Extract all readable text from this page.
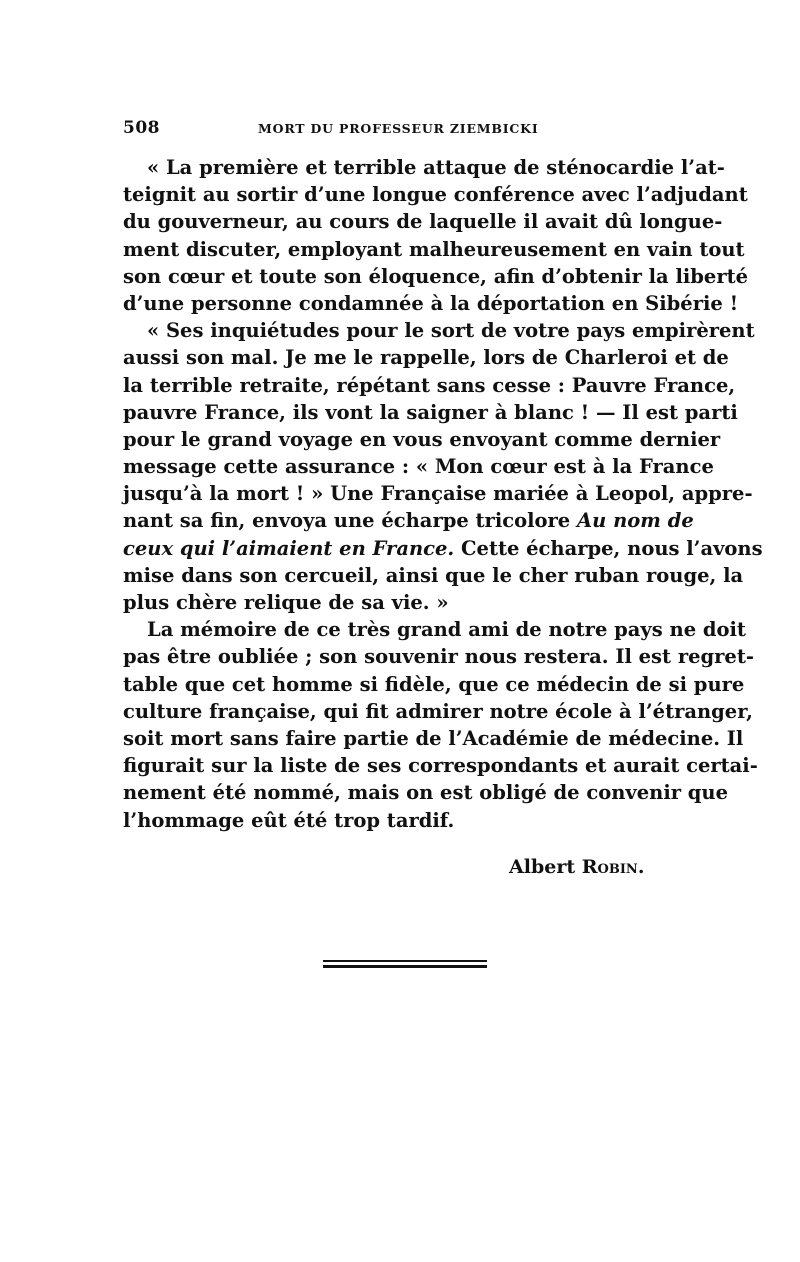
508	MORT DU PROFESSEUR ZIEMBICKI
« La première et terrible attaque de sténocardie l’at-
teignit au sortir d’une longue conférence avec l’adjudant
du gouverneur, au cours de laquelle il avait dû longue-
ment discuter, employant malheureusement en vain tout
son cœur et toute son éloquence, afin d’obtenir la liberté
d’une personne condamnée à la déportation en Sibérie !
« Ses inquiétudes pour le sort de votre pays empirèrent
aussi son mal. Je me le rappelle, lors de Charleroi et de
la terrible retraite, répétant sans cesse : Pauvre France,
pauvre France, ils vont la saigner à blanc ! — Il est parti
pour le grand voyage en vous envoyant comme dernier
message cette assurance : « Mon cœur est à la France
jusqu’à la mort ! » Une Française mariée à Leopol, appre-
nant sa fin, envoya une écharpe tricolore Au nom de
ceux qui l’aimaient en France. Cette écharpe, nous l’avons
mise dans son cercueil, ainsi que le cher ruban rouge, la
plus chère relique de sa vie. »
La mémoire de ce très grand ami de notre pays ne doit
pas être oubliée ; son souvenir nous restera. Il est regret-
table que cet homme si fidèle, que ce médecin de si pure
culture française, qui fit admirer notre école à l’étranger,
soit mort sans faire partie de l’Académie de médecine. Il
figurait sur la liste de ses correspondants et aurait certai-
nement été nommé, mais on est obligé de convenir que
l’hommage eût été trop tardif.
Albert Robin.
